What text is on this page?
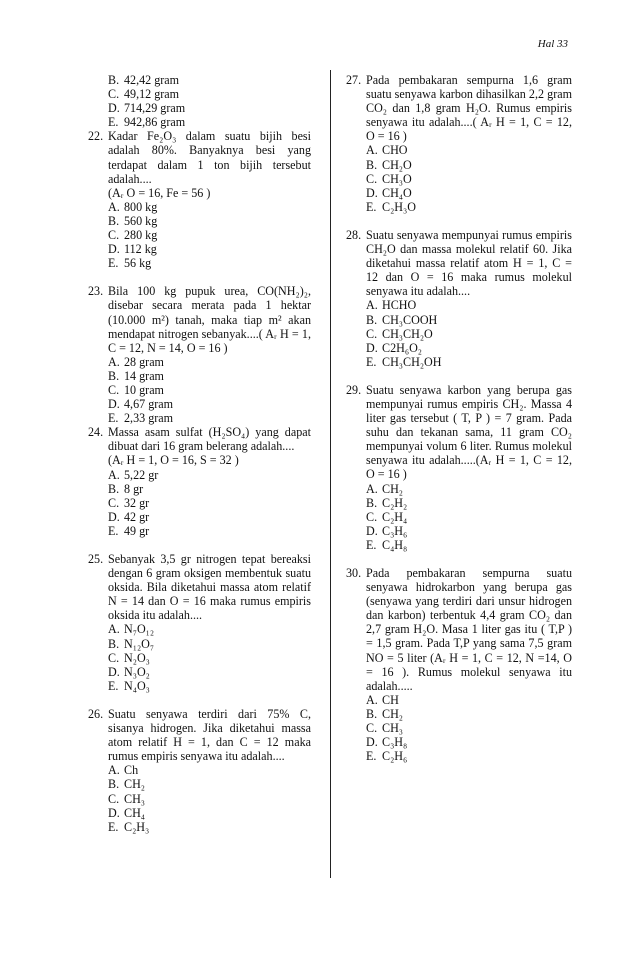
Hal 33
B. 42,42 gram
C. 49,12 gram
D. 714,29 gram
E. 942,86 gram
22. Kadar Fe₂O₃ dalam suatu bijih besi adalah 80%. Banyaknya besi yang terdapat dalam 1 ton bijih tersebut adalah....
(Aᵣ O = 16, Fe = 56 )
A. 800 kg
B. 560 kg
C. 280 kg
D. 112 kg
E. 56 kg
23. Bila 100 kg pupuk urea, CO(NH₂)₂, disebar secara merata pada 1 hektar (10.000 m²) tanah, maka tiap m² akan mendapat nitrogen sebanyak....( Aᵣ H = 1, C = 12, N = 14, O = 16 )
A. 28 gram
B. 14 gram
C. 10 gram
D. 4,67 gram
E. 2,33 gram
24. Massa asam sulfat (H₂SO₄) yang dapat dibuat dari 16 gram belerang adalah....
(Aᵣ H = 1, O = 16, S = 32 )
A. 5,22 gr
B. 8 gr
C. 32 gr
D. 42 gr
E. 49 gr
25. Sebanyak 3,5 gr nitrogen tepat bereaksi dengan 6 gram oksigen membentuk suatu oksida. Bila diketahui massa atom relatif N = 14 dan O = 16 maka rumus empiris oksida itu adalah....
A. N₇O₁₂
B. N₁₂O₇
C. N₂O₃
D. N₃O₂
E. N₄O₃
26. Suatu senyawa terdiri dari 75% C, sisanya hidrogen. Jika diketahui massa atom relatif H = 1, dan C = 12 maka rumus empiris senyawa itu adalah....
A. Ch
B. CH₂
C. CH₃
D. CH₄
E. C₂H₃
27. Pada pembakaran sempurna 1,6 gram suatu senyawa karbon dihasilkan 2,2 gram CO₂ dan 1,8 gram H₂O. Rumus empiris senyawa itu adalah....( Aᵣ H = 1, C = 12, O = 16 )
A. CHO
B. CH₂O
C. CH₃O
D. CH₄O
E. C₂H₃O
28. Suatu senyawa mempunyai rumus empiris CH₂O dan massa molekul relatif 60. Jika diketahui massa relatif atom H = 1, C = 12 dan O = 16 maka rumus molekul senyawa itu adalah....
A. HCHO
B. CH₃COOH
C. CH₃CH₂O
D. C2H₆O₂
E. CH₃CH₂OH
29. Suatu senyawa karbon yang berupa gas mempunyai rumus empiris CH₂. Massa 4 liter gas tersebut ( T, P ) = 7 gram. Pada suhu dan tekanan sama, 11 gram CO₂ mempunyai volum 6 liter. Rumus molekul senyawa itu adalah.....(Aᵣ H = 1, C = 12, O = 16 )
A. CH₂
B. C₂H₂
C. C₂H₄
D. C₃H₆
E. C₄H₈
30. Pada pembakaran sempurna suatu senyawa hidrokarbon yang berupa gas (senyawa yang terdiri dari unsur hidrogen dan karbon) terbentuk 4,4 gram CO₂ dan 2,7 gram H₂O. Masa 1 liter gas itu ( T,P ) = 1,5 gram. Pada T,P yang sama 7,5 gram NO = 5 liter (Aᵣ H = 1, C = 12, N =14, O = 16 ). Rumus molekul senyawa itu adalah.....
A. CH
B. CH₂
C. CH₃
D. C₃H₈
E. C₂H₆
